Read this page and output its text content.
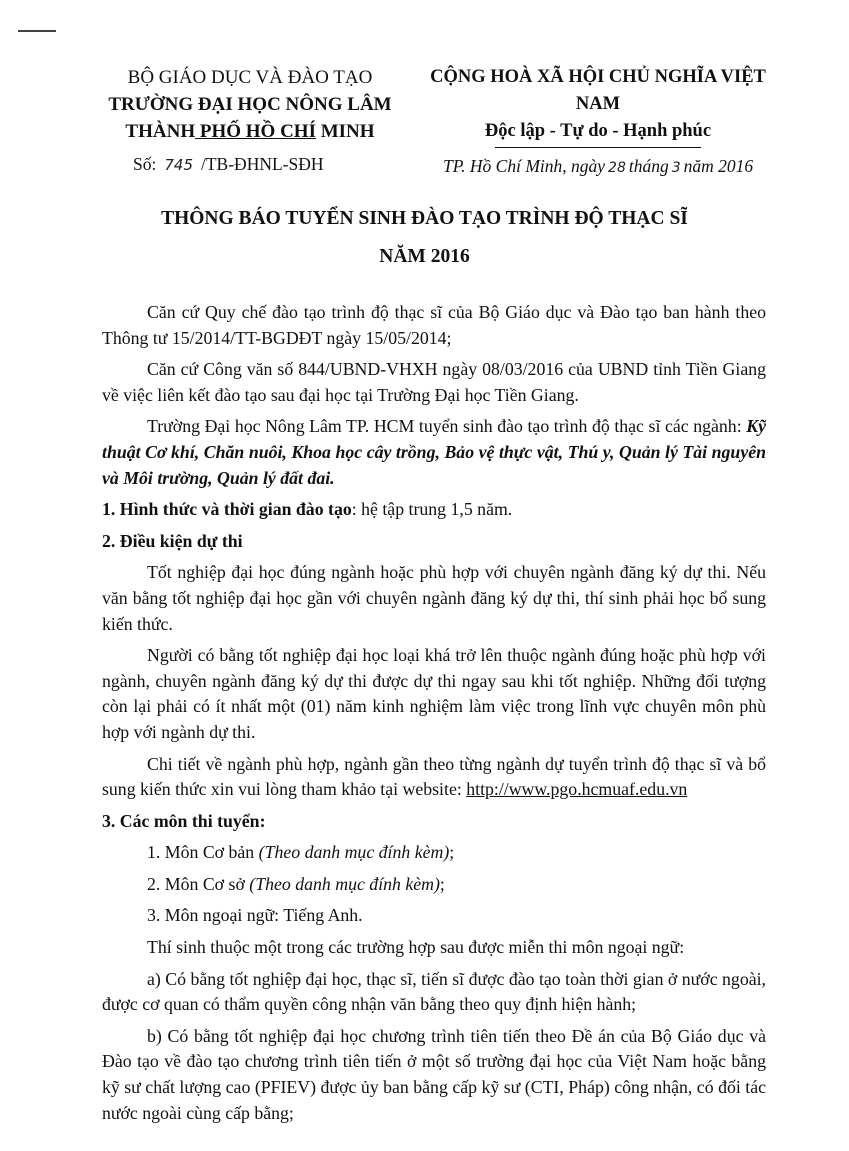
BỘ GIÁO DỤC VÀ ĐÀO TẠO
TRƯỜNG ĐẠI HỌC NÔNG LÂM
THÀNH PHỐ HỒ CHÍ MINH
CỘNG HOÀ XÃ HỘI CHỦ NGHĨA VIỆT NAM
Độc lập - Tự do - Hạnh phúc
Số: 745 /TB-ĐHNL-SĐH	TP. Hồ Chí Minh, ngày 28 tháng 3 năm 2016
THÔNG BÁO TUYỂN SINH ĐÀO TẠO TRÌNH ĐỘ THẠC SĨ
NĂM 2016

Căn cứ Quy chế đào tạo trình độ thạc sĩ của Bộ Giáo dục và Đào tạo ban hành theo Thông tư 15/2014/TT-BGDĐT ngày 15/05/2014;

Căn cứ Công văn số 844/UBND-VHXH ngày 08/03/2016 của UBND tỉnh Tiền Giang về việc liên kết đào tạo sau đại học tại Trường Đại học Tiền Giang.

Trường Đại học Nông Lâm TP. HCM tuyển sinh đào tạo trình độ thạc sĩ các ngành: Kỹ thuật Cơ khí, Chăn nuôi, Khoa học cây trồng, Bảo vệ thực vật, Thú y, Quản lý Tài nguyên và Môi trường, Quản lý đất đai.

1. Hình thức và thời gian đào tạo: hệ tập trung 1,5 năm.

2. Điều kiện dự thi

Tốt nghiệp đại học đúng ngành hoặc phù hợp với chuyên ngành đăng ký dự thi. Nếu văn bằng tốt nghiệp đại học gần với chuyên ngành đăng ký dự thi, thí sinh phải học bổ sung kiến thức.

Người có bằng tốt nghiệp đại học loại khá trở lên thuộc ngành đúng hoặc phù hợp với ngành, chuyên ngành đăng ký dự thi được dự thi ngay sau khi tốt nghiệp. Những đối tượng còn lại phải có ít nhất một (01) năm kinh nghiệm làm việc trong lĩnh vực chuyên môn phù hợp với ngành dự thi.

Chi tiết về ngành phù hợp, ngành gần theo từng ngành dự tuyển trình độ thạc sĩ và bổ sung kiến thức xin vui lòng tham khảo tại website: http://www.pgo.hcmuaf.edu.vn

3. Các môn thi tuyển:

1. Môn Cơ bản (Theo danh mục đính kèm);

2. Môn Cơ sở (Theo danh mục đính kèm);

3. Môn ngoại ngữ: Tiếng Anh.

Thí sinh thuộc một trong các trường hợp sau được miễn thi môn ngoại ngữ:

a) Có bằng tốt nghiệp đại học, thạc sĩ, tiến sĩ được đào tạo toàn thời gian ở nước ngoài, được cơ quan có thẩm quyền công nhận văn bằng theo quy định hiện hành;

b) Có bằng tốt nghiệp đại học chương trình tiên tiến theo Đề án của Bộ Giáo dục và Đào tạo về đào tạo chương trình tiên tiến ở một số trường đại học của Việt Nam hoặc bằng kỹ sư chất lượng cao (PFIEV) được ủy ban bằng cấp kỹ sư (CTI, Pháp) công nhận, có đối tác nước ngoài cùng cấp bằng;
